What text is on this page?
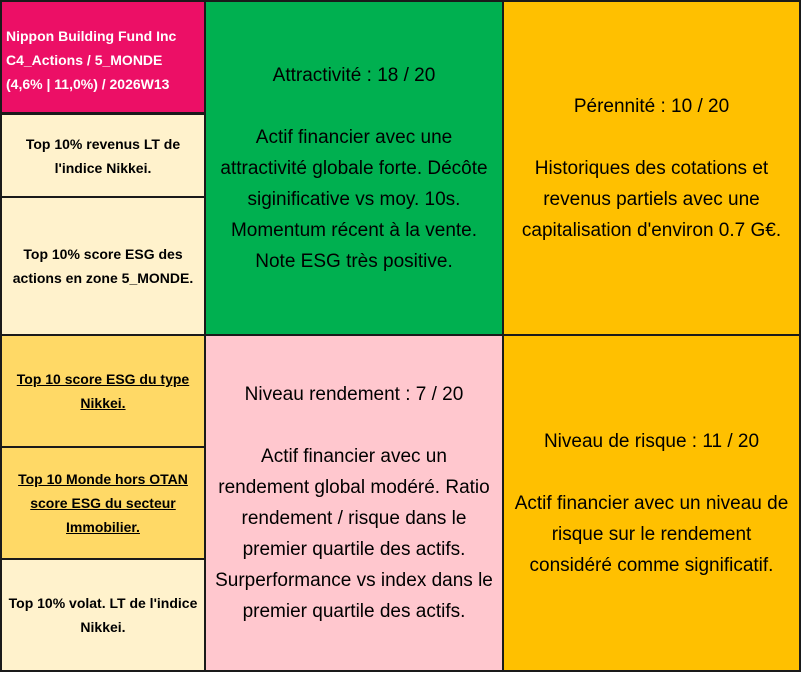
Nippon Building Fund Inc
C4_Actions / 5_MONDE
(4,6% | 11,0%) / 2026W13
Top 10% revenus LT de l'indice Nikkei.
Top 10% score ESG des actions en zone 5_MONDE.
Top 10 score ESG du type Nikkei.
Top 10 Monde hors OTAN score ESG du secteur Immobilier.
Top 10% volat. LT de l'indice Nikkei.
Attractivité : 18 / 20
Actif financier avec une
attractivité globale forte. Décôte
siginificative vs moy. 10s.
Momentum récent à la vente.
Note ESG très positive.
Pérennité : 10 / 20
Historiques des cotations et
revenus partiels avec une
capitalisation d'environ 0.7 G€.
Niveau rendement : 7 / 20
Actif financier avec un
rendement global modéré. Ratio
rendement / risque dans le
premier quartile des actifs.
Surperformance vs index dans le
premier quartile des actifs.
Niveau de risque : 11 / 20
Actif financier avec un niveau de
risque sur le rendement
considéré comme significatif.
